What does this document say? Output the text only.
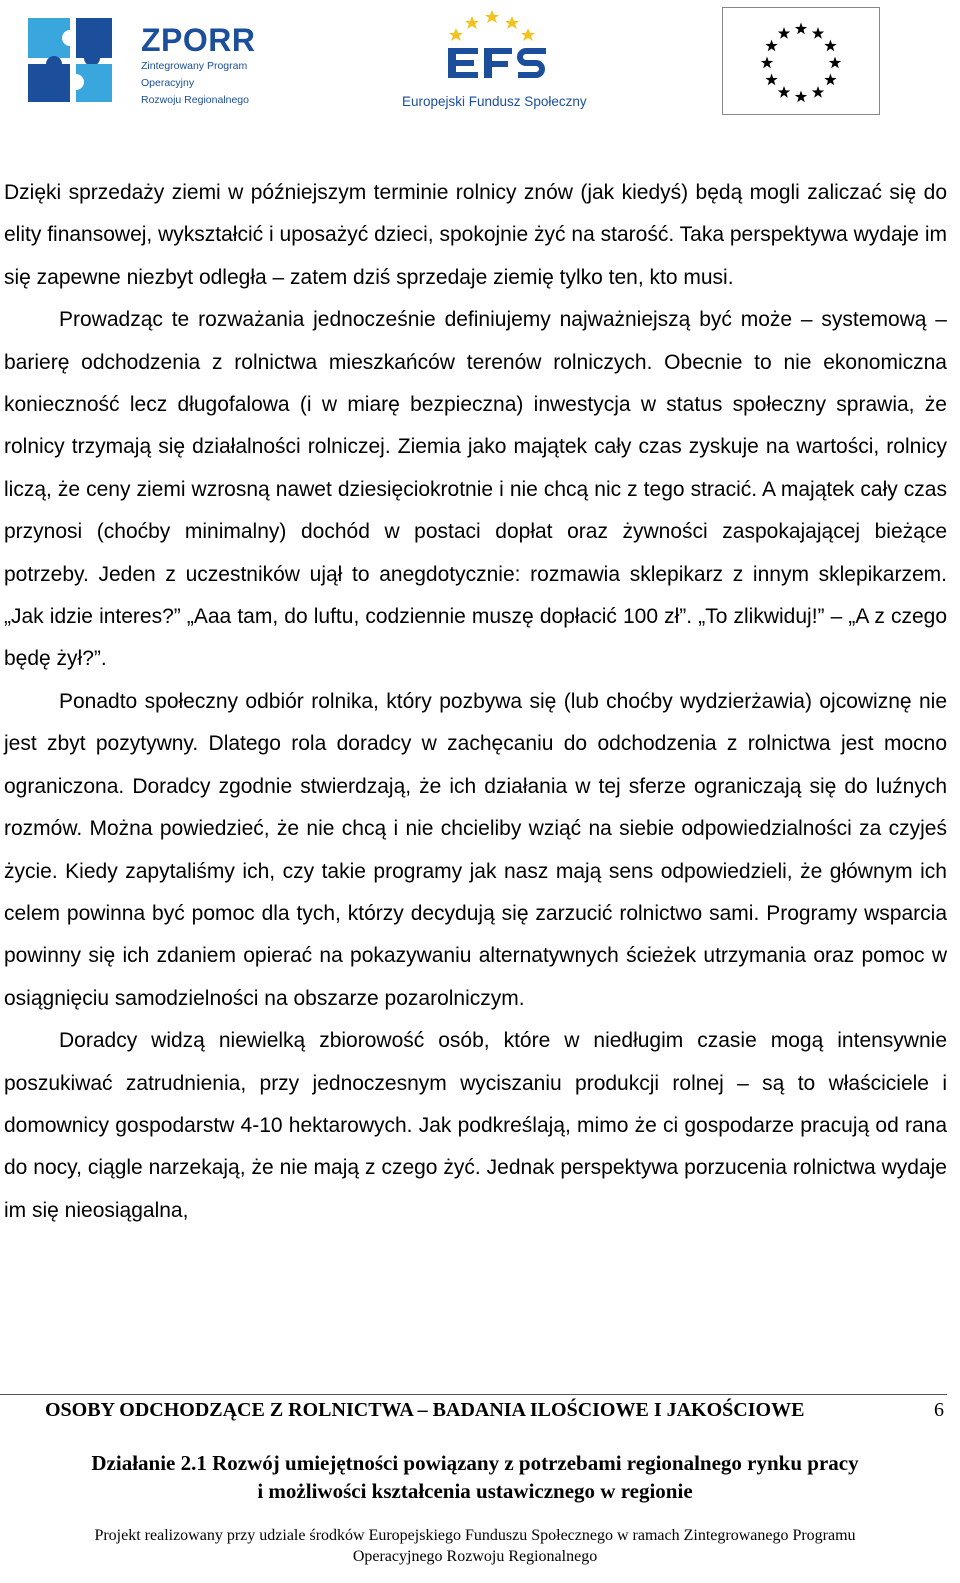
ZPORR
Zintegrowany Program
Operacyjny
Rozwoju Regionalnego	Europejski Fundusz Społeczny

Dzięki sprzedaży ziemi w późniejszym terminie rolnicy znów (jak kiedyś) będą mogli zaliczać się do elity finansowej, wykształcić i uposażyć dzieci, spokojnie żyć na starość. Taka perspektywa wydaje im się zapewne niezbyt odległa – zatem dziś sprzedaje ziemię tylko ten, kto musi.

Prowadząc te rozważania jednocześnie definiujemy najważniejszą być może – systemową – barierę odchodzenia z rolnictwa mieszkańców terenów rolniczych. Obecnie to nie ekonomiczna konieczność lecz długofalowa (i w miarę bezpieczna) inwestycja w status społeczny sprawia, że rolnicy trzymają się działalności rolniczej. Ziemia jako majątek cały czas zyskuje na wartości, rolnicy liczą, że ceny ziemi wzrosną nawet dziesięciokrotnie i nie chcą nic z tego stracić. A majątek cały czas przynosi (choćby minimalny) dochód w postaci dopłat oraz żywności zaspokajającej bieżące potrzeby. Jeden z uczestników ujął to anegdotycznie: rozmawia sklepikarz z innym sklepikarzem. „Jak idzie interes?” „Aaa tam, do luftu, codziennie muszę dopłacić 100 zł”. „To zlikwiduj!” – „A z czego będę żył?”.

Ponadto społeczny odbiór rolnika, który pozbywa się (lub choćby wydzierżawia) ojcowiznę nie jest zbyt pozytywny. Dlatego rola doradcy w zachęcaniu do odchodzenia z rolnictwa jest mocno ograniczona. Doradcy zgodnie stwierdzają, że ich działania w tej sferze ograniczają się do luźnych rozmów. Można powiedzieć, że nie chcą i nie chcieliby wziąć na siebie odpowiedzialności za czyjeś życie. Kiedy zapytaliśmy ich, czy takie programy jak nasz mają sens odpowiedzieli, że głównym ich celem powinna być pomoc dla tych, którzy decydują się zarzucić rolnictwo sami. Programy wsparcia powinny się ich zdaniem opierać na pokazywaniu alternatywnych ścieżek utrzymania oraz pomoc w osiągnięciu samodzielności na obszarze pozarolniczym.

Doradcy widzą niewielką zbiorowość osób, które w niedługim czasie mogą intensywnie poszukiwać zatrudnienia, przy jednoczesnym wyciszaniu produkcji rolnej – są to właściciele i domownicy gospodarstw 4-10 hektarowych. Jak podkreślają, mimo że ci gospodarze pracują od rana do nocy, ciągle narzekają, że nie mają z czego żyć. Jednak perspektywa porzucenia rolnictwa wydaje im się nieosiągalna,

OSOBY ODCHODZĄCE Z ROLNICTWA – BADANIA ILOŚCIOWE I JAKOŚCIOWE	6
Działanie 2.1 Rozwój umiejętności powiązany z potrzebami regionalnego rynku pracy
i możliwości kształcenia ustawicznego w regionie
Projekt realizowany przy udziale środków Europejskiego Funduszu Społecznego w ramach Zintegrowanego Programu
Operacyjnego Rozwoju Regionalnego
